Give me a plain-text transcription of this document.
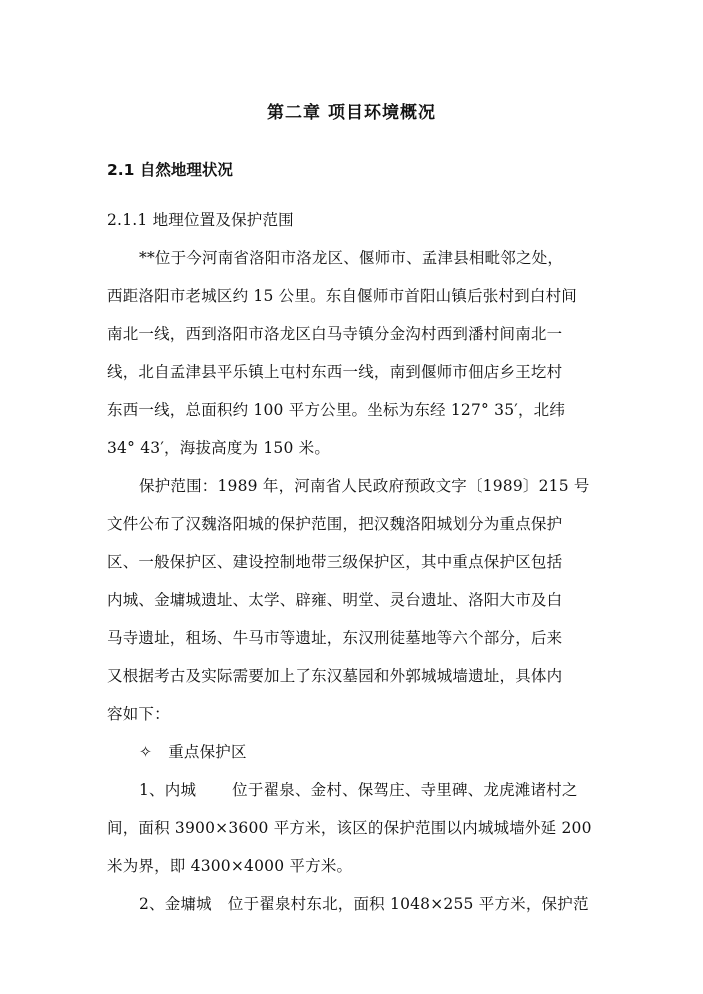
第二章 项目环境概况
2.1 自然地理状况
2.1.1 地理位置及保护范围
**位于今河南省洛阳市洛龙区、偃师市、孟津县相毗邻之处，
西距洛阳市老城区约 15 公里。东自偃师市首阳山镇后张村到白村间
南北一线，西到洛阳市洛龙区白马寺镇分金沟村西到潘村间南北一
线，北自孟津县平乐镇上屯村东西一线，南到偃师市佃店乡王圪村
东西一线，总面积约 100 平方公里。坐标为东经 127° 35′，北纬
34° 43′，海拔高度为 150 米。
保护范围：1989 年，河南省人民政府预政文字〔1989〕215 号
文件公布了汉魏洛阳城的保护范围，把汉魏洛阳城划分为重点保护
区、一般保护区、建设控制地带三级保护区，其中重点保护区包括
内城、金墉城遗址、太学、辟雍、明堂、灵台遗址、洛阳大市及白
马寺遗址，租场、牛马市等遗址，东汉刑徒墓地等六个部分，后来
又根据考古及实际需要加上了东汉墓园和外郭城城墙遗址，具体内
容如下：
✧ 重点保护区
1、内城 位于翟泉、金村、保驾庄、寺里碑、龙虎滩诸村之
间，面积 3900×3600 平方米，该区的保护范围以内城城墙外延 200
米为界，即 4300×4000 平方米。
2、金墉城 位于翟泉村东北，面积 1048×255 平方米，保护范
